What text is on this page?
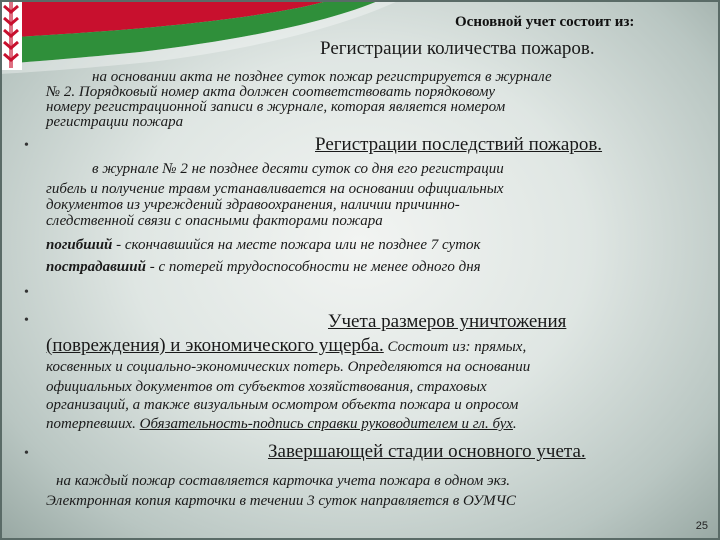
Основной учет состоит из:
Регистрации количества пожаров.
на основании акта не позднее суток пожар регистрируется в журнале
№ 2. Порядковый номер акта должен соответствовать порядковому
номеру регистрационной записи в журнале, которая является номером
регистрации пожара
•	Регистрации последствий пожаров.
в журнале № 2 не позднее десяти суток со дня его регистрации
гибель и получение травм устанавливается на основании официальных
документов из учреждений здравоохранения, наличии причинно-
следственной связи с опасными факторами пожара
погибший - скончавшийся на месте пожара или не позднее 7 суток
пострадавший - с потерей трудоспособности не менее одного дня
•
•	Учета размеров уничтожения
(повреждения) и экономического ущерба. Состоит из: прямых,
косвенных и социально-экономических потерь. Определяются на основании
официальных документов от субъектов хозяйствования, страховых
организаций, а также визуальным осмотром объекта пожара и опросом
потерпевших. Обязательность-подпись справки руководителем и гл. бух.
•	Завершающей стадии основного учета.
на каждый пожар составляется карточка учета пожара в одном экз.
Электронная копия карточки в течении 3 суток направляется в ОУМЧС
25
